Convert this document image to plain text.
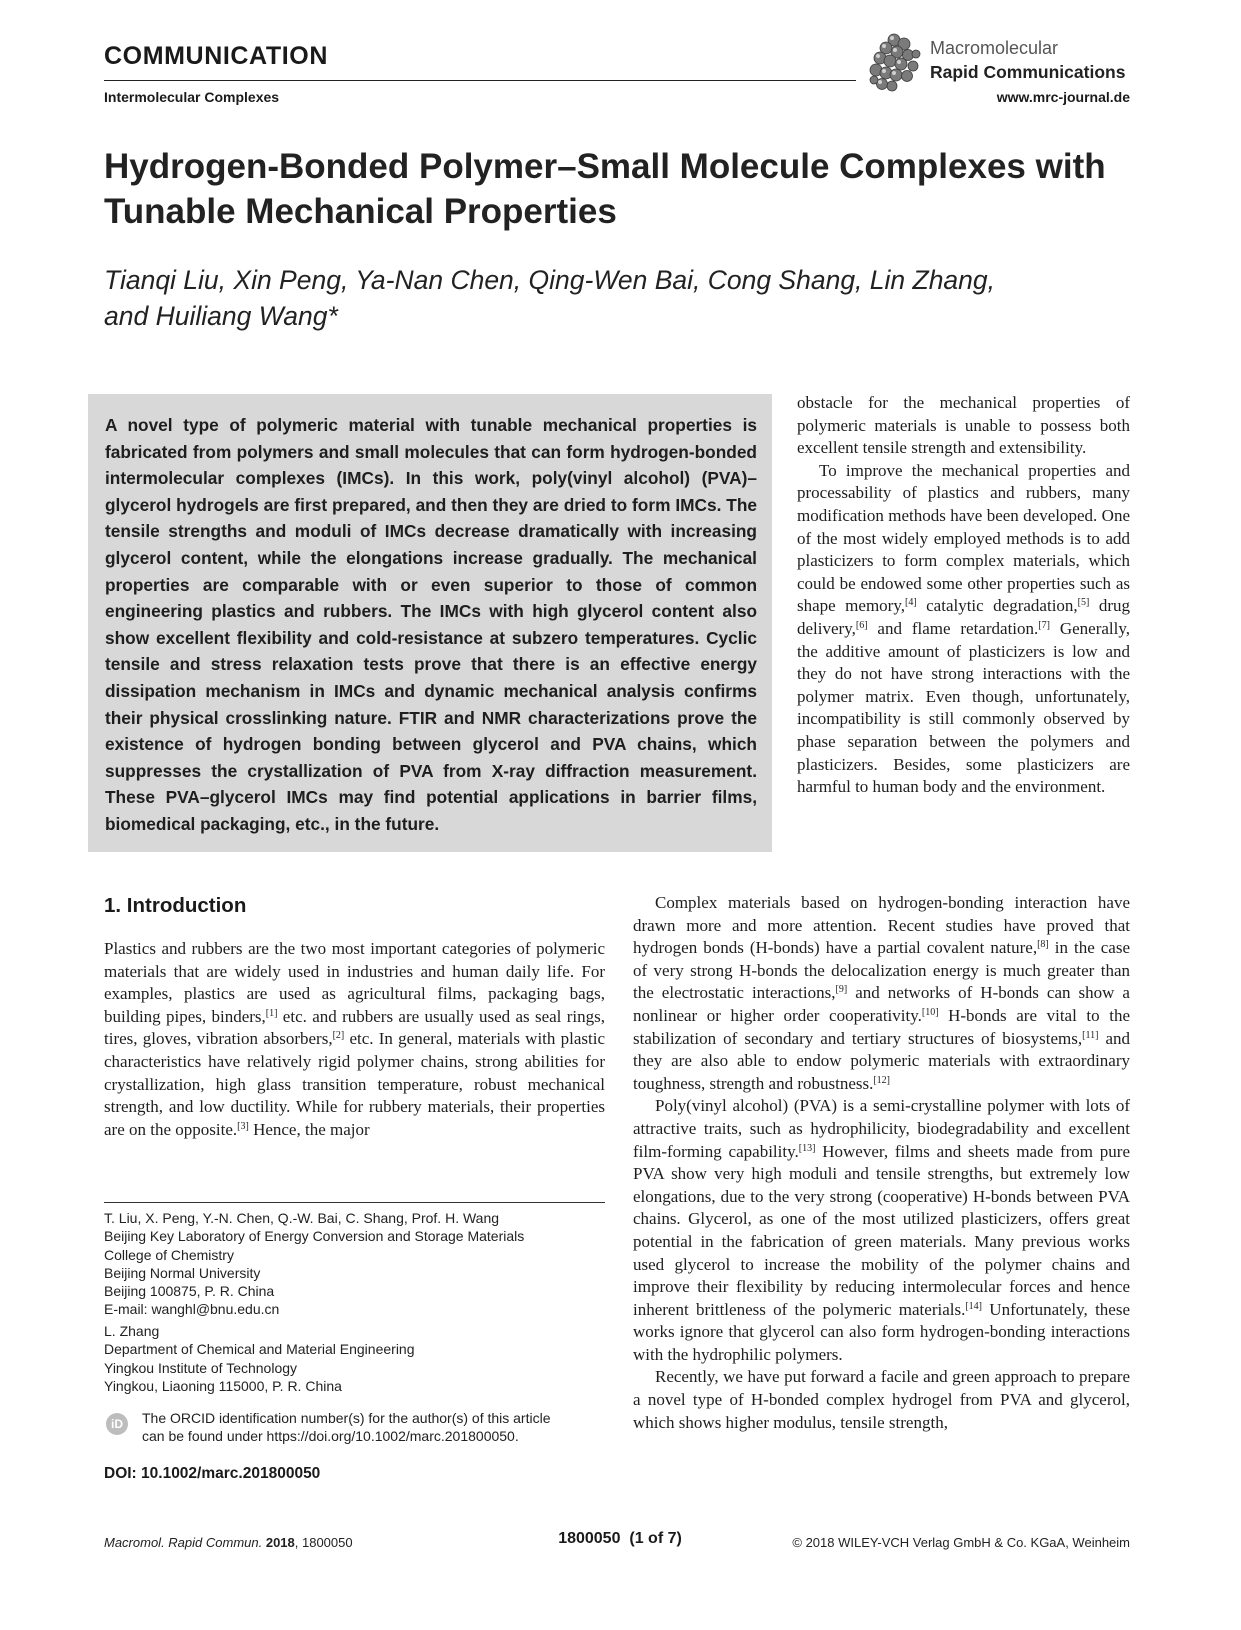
COMMUNICATION
Intermolecular Complexes
Macromolecular
Rapid Communications
www.mrc-journal.de
Hydrogen-Bonded Polymer–Small Molecule Complexes with Tunable Mechanical Properties
Tianqi Liu, Xin Peng, Ya-Nan Chen, Qing-Wen Bai, Cong Shang, Lin Zhang,
and Huiliang Wang*
A novel type of polymeric material with tunable mechanical properties is fabricated from polymers and small molecules that can form hydrogen-bonded intermolecular complexes (IMCs). In this work, poly(vinyl alcohol) (PVA)–glycerol hydrogels are first prepared, and then they are dried to form IMCs. The tensile strengths and moduli of IMCs decrease dramatically with increasing glycerol content, while the elongations increase gradually. The mechanical properties are comparable with or even superior to those of common engineering plastics and rubbers. The IMCs with high glycerol content also show excellent flexibility and cold-resistance at subzero temperatures. Cyclic tensile and stress relaxation tests prove that there is an effective energy dissipation mechanism in IMCs and dynamic mechanical analysis confirms their physical crosslinking nature. FTIR and NMR characterizations prove the existence of hydrogen bonding between glycerol and PVA chains, which suppresses the crystallization of PVA from X-ray diffraction measurement. These PVA–glycerol IMCs may find potential applications in barrier films, biomedical packaging, etc., in the future.

obstacle for the mechanical properties of polymeric materials is unable to possess both excellent tensile strength and extensibility.

To improve the mechanical properties and processability of plastics and rubbers, many modification methods have been developed. One of the most widely employed methods is to add plasticizers to form complex materials, which could be endowed some other properties such as shape memory,[4] catalytic degradation,[5] drug delivery,[6] and flame retardation.[7] Generally, the additive amount of plasticizers is low and they do not have strong interactions with the polymer matrix. Even though, unfortunately, incompatibility is still commonly observed by phase separation between the polymers and plasticizers. Besides, some plasticizers are harmful to human body and the environment.

1. Introduction

Plastics and rubbers are the two most important categories of polymeric materials that are widely used in industries and human daily life. For examples, plastics are used as agricultural films, packaging bags, building pipes, binders,[1] etc. and rubbers are usually used as seal rings, tires, gloves, vibration absorbers,[2] etc. In general, materials with plastic characteristics have relatively rigid polymer chains, strong abilities for crystallization, high glass transition temperature, robust mechanical strength, and low ductility. While for rubbery materials, their properties are on the opposite.[3] Hence, the major

Complex materials based on hydrogen-bonding interaction have drawn more and more attention. Recent studies have proved that hydrogen bonds (H-bonds) have a partial covalent nature,[8] in the case of very strong H-bonds the delocalization energy is much greater than the electrostatic interactions,[9] and networks of H-bonds can show a nonlinear or higher order cooperativity.[10] H-bonds are vital to the stabilization of secondary and tertiary structures of biosystems,[11] and they are also able to endow polymeric materials with extraordinary toughness, strength and robustness.[12]

Poly(vinyl alcohol) (PVA) is a semi-crystalline polymer with lots of attractive traits, such as hydrophilicity, biodegradability and excellent film-forming capability.[13] However, films and sheets made from pure PVA show very high moduli and tensile strengths, but extremely low elongations, due to the very strong (cooperative) H-bonds between PVA chains. Glycerol, as one of the most utilized plasticizers, offers great potential in the fabrication of green materials. Many previous works used glycerol to increase the mobility of the polymer chains and improve their flexibility by reducing intermolecular forces and hence inherent brittleness of the polymeric materials.[14] Unfortunately, these works ignore that glycerol can also form hydrogen-bonding interactions with the hydrophilic polymers.

Recently, we have put forward a facile and green approach to prepare a novel type of H-bonded complex hydrogel from PVA and glycerol, which shows higher modulus, tensile strength,

T. Liu, X. Peng, Y.-N. Chen, Q.-W. Bai, C. Shang, Prof. H. Wang
Beijing Key Laboratory of Energy Conversion and Storage Materials
College of Chemistry
Beijing Normal University
Beijing 100875, P. R. China
E-mail: wanghl@bnu.edu.cn
L. Zhang
Department of Chemical and Material Engineering
Yingkou Institute of Technology
Yingkou, Liaoning 115000, P. R. China
iD	The ORCID identification number(s) for the author(s) of this article
can be found under https://doi.org/10.1002/marc.201800050.
DOI: 10.1002/marc.201800050
Macromol. Rapid Commun. 2018, 1800050	1800050  (1 of 7)	© 2018 WILEY-VCH Verlag GmbH & Co. KGaA, Weinheim
